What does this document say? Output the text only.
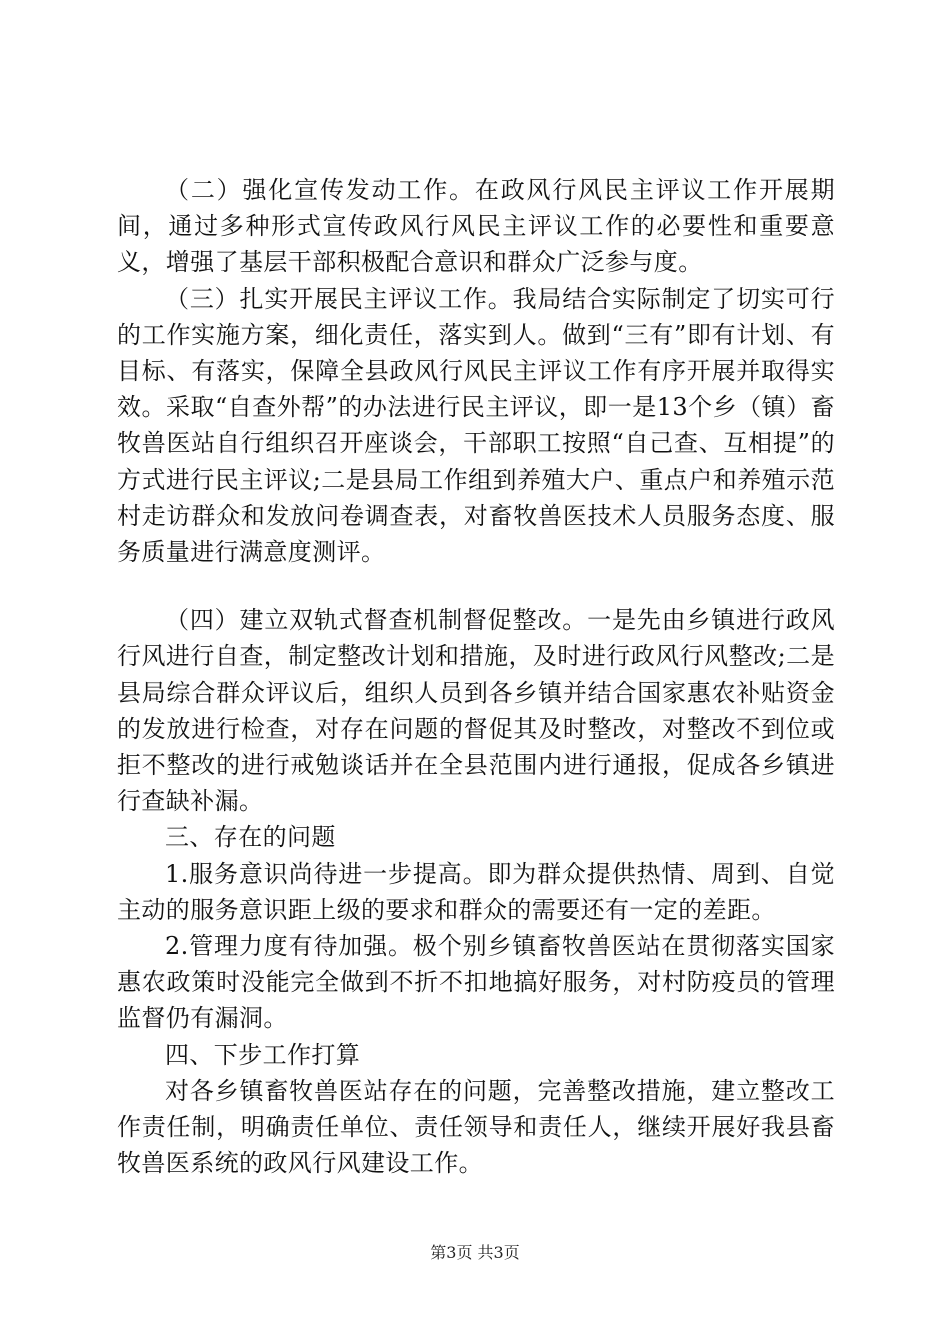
（二）强化宣传发动工作。在政风行风民主评议工作开展期间，通过多种形式宣传政风行风民主评议工作的必要性和重要意义，增强了基层干部积极配合意识和群众广泛参与度。

（三）扎实开展民主评议工作。我局结合实际制定了切实可行的工作实施方案，细化责任，落实到人。做到“三有”即有计划、有目标、有落实，保障全县政风行风民主评议工作有序开展并取得实效。采取“自查外帮”的办法进行民主评议，即一是13个乡（镇）畜牧兽医站自行组织召开座谈会，干部职工按照“自己查、互相提”的方式进行民主评议;二是县局工作组到养殖大户、重点户和养殖示范村走访群众和发放问卷调查表，对畜牧兽医技术人员服务态度、服务质量进行满意度测评。

（四）建立双轨式督查机制督促整改。一是先由乡镇进行政风行风进行自查，制定整改计划和措施，及时进行政风行风整改;二是县局综合群众评议后，组织人员到各乡镇并结合国家惠农补贴资金的发放进行检查，对存在问题的督促其及时整改，对整改不到位或拒不整改的进行戒勉谈话并在全县范围内进行通报，促成各乡镇进行查缺补漏。

三、存在的问题

1.服务意识尚待进一步提高。即为群众提供热情、周到、自觉主动的服务意识距上级的要求和群众的需要还有一定的差距。

2.管理力度有待加强。极个别乡镇畜牧兽医站在贯彻落实国家惠农政策时没能完全做到不折不扣地搞好服务，对村防疫员的管理监督仍有漏洞。

四、下步工作打算

对各乡镇畜牧兽医站存在的问题，完善整改措施，建立整改工作责任制，明确责任单位、责任领导和责任人，继续开展好我县畜牧兽医系统的政风行风建设工作。

第3页 共3页
